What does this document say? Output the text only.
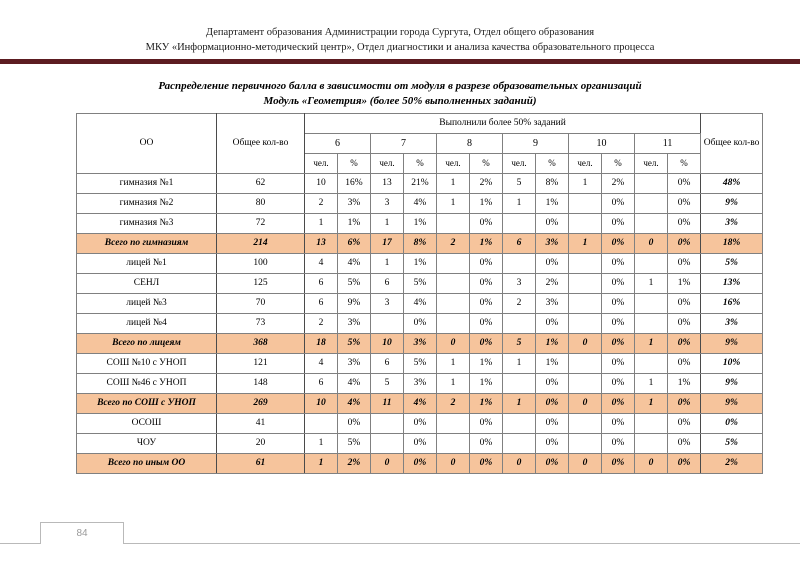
Департамент образования Администрации города Сургута, Отдел общего образования
МКУ «Информационно-методический центр», Отдел диагностики и анализа качества образовательного процесса
Распределение первичного балла в зависимости от модуля в разрезе образовательных организаций
Модуль «Геометрия» (более 50% выполненных заданий)
ОО	Общее кол-во	Выполнили более 50% заданий												Общее кол-во
		6		7		8		9		10		11		
		чел.	%	чел.	%	чел.	%	чел.	%	чел.	%	чел.	%	
гимназия №1	62	10	16%	13	21%	1	2%	5	8%	1	2%		0%	48%
гимназия №2	80	2	3%	3	4%	1	1%	1	1%		0%		0%	9%
гимназия №3	72	1	1%	1	1%		0%		0%		0%		0%	3%
Всего по гимназиям	214	13	6%	17	8%	2	1%	6	3%	1	0%	0	0%	18%
лицей №1	100	4	4%	1	1%		0%		0%		0%		0%	5%
СЕНЛ	125	6	5%	6	5%		0%	3	2%		0%	1	1%	13%
лицей №3	70	6	9%	3	4%		0%	2	3%		0%		0%	16%
лицей №4	73	2	3%		0%		0%		0%		0%		0%	3%
Всего по лицеям	368	18	5%	10	3%	0	0%	5	1%	0	0%	1	0%	9%
СОШ №10 с УНОП	121	4	3%	6	5%	1	1%	1	1%		0%		0%	10%
СОШ №46 с УНОП	148	6	4%	5	3%	1	1%		0%		0%	1	1%	9%
Всего по СОШ с УНОП	269	10	4%	11	4%	2	1%	1	0%	0	0%	1	0%	9%
ОСОШ	41		0%		0%		0%		0%		0%		0%	0%
ЧОУ	20	1	5%		0%		0%		0%		0%		0%	5%
Всего по иным ОО	61	1	2%	0	0%	0	0%	0	0%	0	0%	0	0%	2%
84
